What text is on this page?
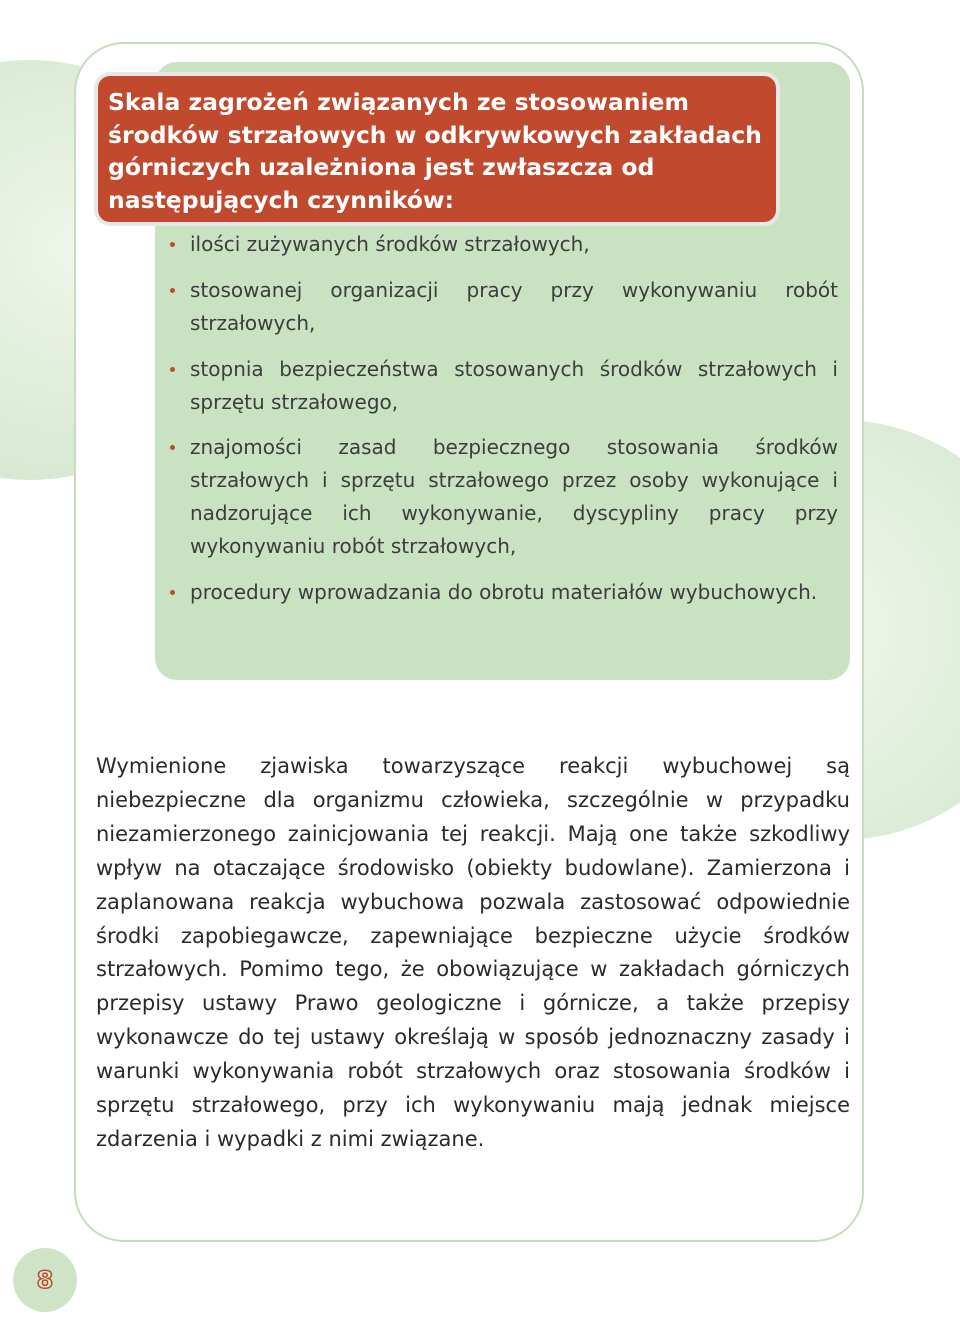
Skala zagrożeń związanych ze stosowaniem środków strzałowych w odkrywkowych zakładach górniczych uzależniona jest zwłaszcza od następujących czynników:

ilości zużywanych środków strzałowych,
stosowanej organizacji pracy przy wykonywaniu robót strzałowych,
stopnia bezpieczeństwa stosowanych środków strzałowych i sprzętu strzałowego,
znajomości zasad bezpiecznego stosowania środków strzałowych i sprzętu strzałowego przez osoby wykonujące i nadzorujące ich wykonywanie, dyscypliny pracy przy wykonywaniu robót strzałowych,
procedury wprowadzania do obrotu materiałów wybuchowych.

Wymienione zjawiska towarzyszące reakcji wybuchowej są niebezpieczne dla organizmu człowieka, szczególnie w przypadku niezamierzonego zainicjowania tej reakcji. Mają one także szkodliwy wpływ na otaczające środowisko (obiekty budowlane). Zamierzona i zaplanowana reakcja wybuchowa pozwala zastosować odpowiednie środki zapobiegawcze, zapewniające bezpieczne użycie środków strzałowych. Pomimo tego, że obowiązujące w zakładach górniczych przepisy ustawy Prawo geologiczne i górnicze, a także przepisy wykonawcze do tej ustawy określają w sposób jednoznaczny zasady i warunki wykonywania robót strzałowych oraz stosowania środków i sprzętu strzałowego, przy ich wykonywaniu mają jednak miejsce zdarzenia i wypadki z nimi związane.

8
